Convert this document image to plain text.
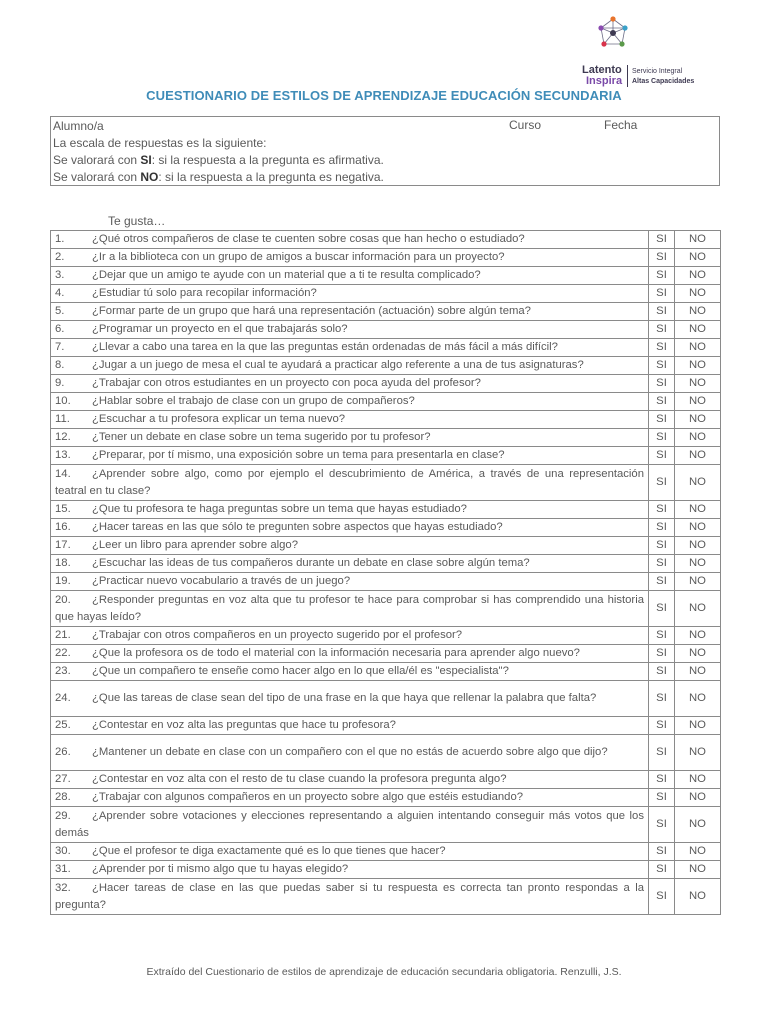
Latento
Inspira
Servicio Integral
Altas Capacidades
CUESTIONARIO DE ESTILOS DE APRENDIZAJE EDUCACIÓN SECUNDARIA
Alumno/a	Curso	Fecha
La escala de respuestas es la siguiente:
Se valorará con SI: si la respuesta a la pregunta es afirmativa.
Se valorará con NO: si la respuesta a la pregunta es negativa.
Te gusta…
1. ¿Qué otros compañeros de clase te cuenten sobre cosas que han hecho o estudiado?	SI	NO
2. ¿Ir a la biblioteca con un grupo de amigos a buscar información para un proyecto?	SI	NO
3. ¿Dejar que un amigo te ayude con un material que a ti te resulta complicado?	SI	NO
4. ¿Estudiar tú solo para recopilar información?	SI	NO
5. ¿Formar parte de un grupo que hará una representación (actuación) sobre algún tema?	SI	NO
6. ¿Programar un proyecto en el que trabajarás solo?	SI	NO
7. ¿Llevar a cabo una tarea en la que las preguntas están ordenadas de más fácil a más difícil?	SI	NO
8. ¿Jugar a un juego de mesa el cual te ayudará a practicar algo referente a una de tus asignaturas?	SI	NO
9. ¿Trabajar con otros estudiantes en un proyecto con poca ayuda del profesor?	SI	NO
10. ¿Hablar sobre el trabajo de clase con un grupo de compañeros?	SI	NO
11. ¿Escuchar a tu profesora explicar un tema nuevo?	SI	NO
12. ¿Tener un debate en clase sobre un tema sugerido por tu profesor?	SI	NO
13. ¿Preparar, por tí mismo, una exposición sobre un tema para presentarla en clase?	SI	NO
14. ¿Aprender sobre algo, como por ejemplo el descubrimiento de América, a través de una representación teatral en tu clase?	SI	NO
15. ¿Que tu profesora te haga preguntas sobre un tema que hayas estudiado?	SI	NO
16. ¿Hacer tareas en las que sólo te pregunten sobre aspectos que hayas estudiado?	SI	NO
17. ¿Leer un libro para aprender sobre algo?	SI	NO
18. ¿Escuchar las ideas de tus compañeros durante un debate en clase sobre algún tema?	SI	NO
19. ¿Practicar nuevo vocabulario a través de un juego?	SI	NO
20. ¿Responder preguntas en voz alta que tu profesor te hace para comprobar si has comprendido una historia que hayas leído?	SI	NO
21. ¿Trabajar con otros compañeros en un proyecto sugerido por el profesor?	SI	NO
22. ¿Que la profesora os de todo el material con la información necesaria para aprender algo nuevo?	SI	NO
23. ¿Que un compañero te enseñe como hacer algo en lo que ella/él es "especialista"?	SI	NO
24. ¿Que las tareas de clase sean del tipo de una frase en la que haya que rellenar la palabra que falta?	SI	NO
25. ¿Contestar en voz alta las preguntas que hace tu profesora?	SI	NO
26. ¿Mantener un debate en clase con un compañero con el que no estás de acuerdo sobre algo que dijo?	SI	NO
27. ¿Contestar en voz alta con el resto de tu clase cuando la profesora pregunta algo?	SI	NO
28. ¿Trabajar con algunos compañeros en un proyecto sobre algo que estéis estudiando?	SI	NO
29. ¿Aprender sobre votaciones y elecciones representando a alguien intentando conseguir más votos que los demás	SI	NO
30. ¿Que el profesor te diga exactamente qué es lo que tienes que hacer?	SI	NO
31. ¿Aprender por ti mismo algo que tu hayas elegido?	SI	NO
32. ¿Hacer tareas de clase en las que puedas saber si tu respuesta es correcta tan pronto respondas a la pregunta?	SI	NO
Extraído del Cuestionario de estilos de aprendizaje de educación secundaria obligatoria. Renzulli, J.S.
